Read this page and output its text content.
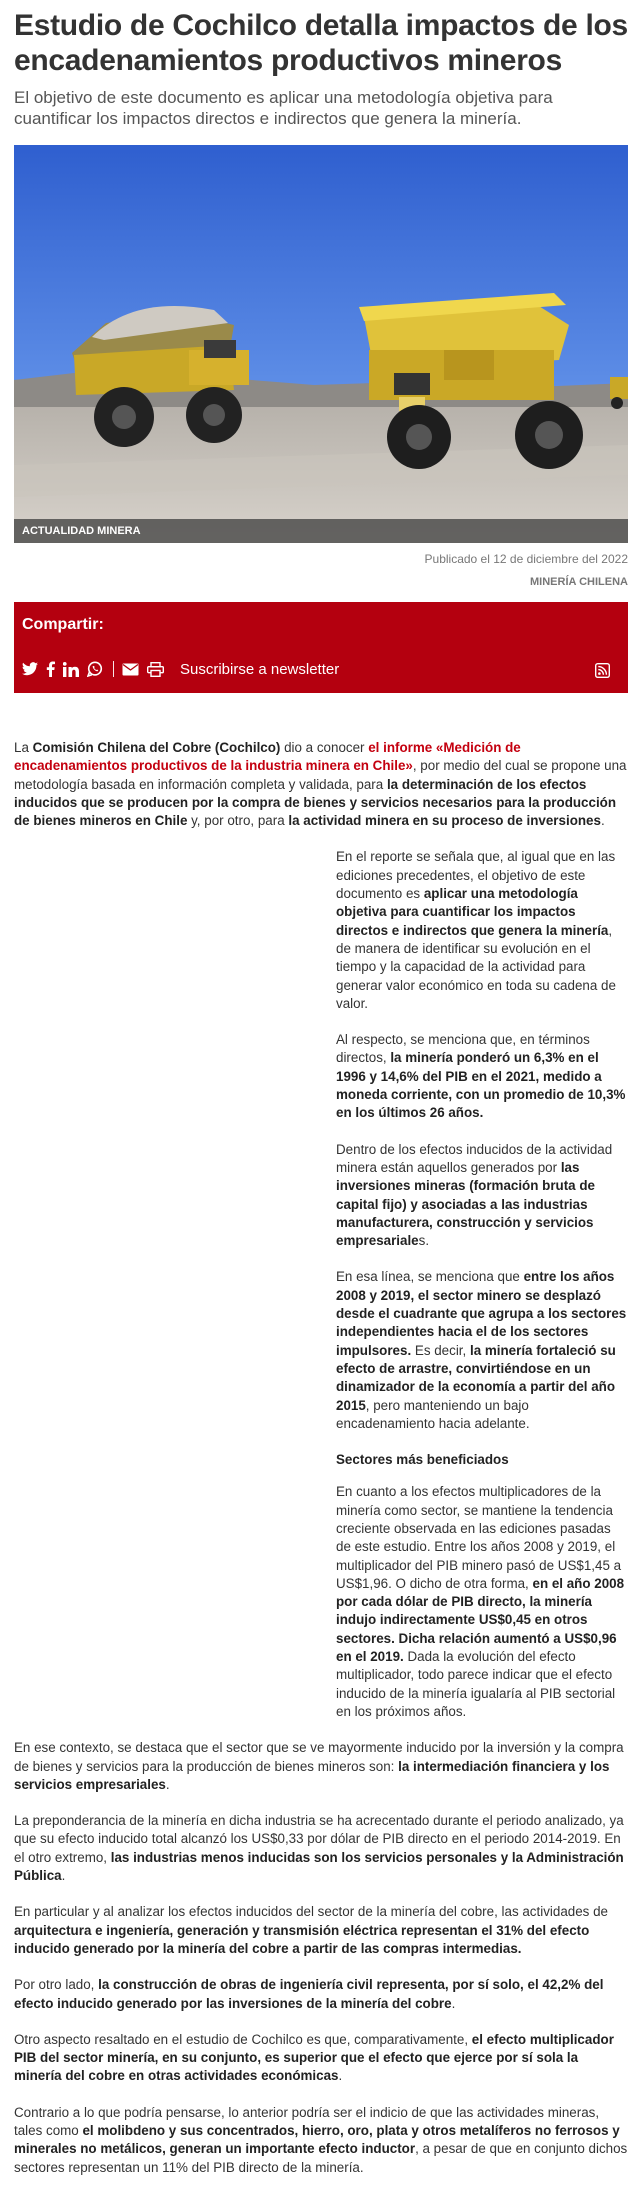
Estudio de Cochilco detalla impactos de los encadenamientos productivos mineros

El objetivo de este documento es aplicar una metodología objetiva para cuantificar los impactos directos e indirectos que genera la minería.

ACTUALIDAD MINERA

Publicado el 12 de diciembre del 2022

MINERÍA CHILENA

Compartir:
Suscribirse a newsletter

La Comisión Chilena del Cobre (Cochilco) dio a conocer el informe «Medición de encadenamientos productivos de la industria minera en Chile», por medio del cual se propone una metodología basada en información completa y validada, para la determinación de los efectos inducidos que se producen por la compra de bienes y servicios necesarios para la producción de bienes mineros en Chile y, por otro, para la actividad minera en su proceso de inversiones.

En el reporte se señala que, al igual que en las ediciones precedentes, el objetivo de este documento es aplicar una metodología objetiva para cuantificar los impactos directos e indirectos que genera la minería, de manera de identificar su evolución en el tiempo y la capacidad de la actividad para generar valor económico en toda su cadena de valor.

Al respecto, se menciona que, en términos directos, la minería ponderó un 6,3% en el 1996 y 14,6% del PIB en el 2021, medido a moneda corriente, con un promedio de 10,3% en los últimos 26 años.

Dentro de los efectos inducidos de la actividad minera están aquellos generados por las inversiones mineras (formación bruta de capital fijo) y asociadas a las industrias manufacturera, construcción y servicios empresariales.

En esa línea, se menciona que entre los años 2008 y 2019, el sector minero se desplazó desde el cuadrante que agrupa a los sectores independientes hacia el de los sectores impulsores. Es decir, la minería fortaleció su efecto de arrastre, convirtiéndose en un dinamizador de la economía a partir del año 2015, pero manteniendo un bajo encadenamiento hacia adelante.

Sectores más beneficiados

En cuanto a los efectos multiplicadores de la minería como sector, se mantiene la tendencia creciente observada en las ediciones pasadas de este estudio. Entre los años 2008 y 2019, el multiplicador del PIB minero pasó de US$1,45 a US$1,96. O dicho de otra forma, en el año 2008 por cada dólar de PIB directo, la minería indujo indirectamente US$0,45 en otros sectores. Dicha relación aumentó a US$0,96 en el 2019. Dada la evolución del efecto multiplicador, todo parece indicar que el efecto inducido de la minería igualaría al PIB sectorial en los próximos años.

En ese contexto, se destaca que el sector que se ve mayormente inducido por la inversión y la compra de bienes y servicios para la producción de bienes mineros son: la intermediación financiera y los servicios empresariales.

La preponderancia de la minería en dicha industria se ha acrecentado durante el periodo analizado, ya que su efecto inducido total alcanzó los US$0,33 por dólar de PIB directo en el periodo 2014-2019. En el otro extremo, las industrias menos inducidas son los servicios personales y la Administración Pública.

En particular y al analizar los efectos inducidos del sector de la minería del cobre, las actividades de arquitectura e ingeniería, generación y transmisión eléctrica representan el 31% del efecto inducido generado por la minería del cobre a partir de las compras intermedias.

Por otro lado, la construcción de obras de ingeniería civil representa, por sí solo, el 42,2% del efecto inducido generado por las inversiones de la minería del cobre.

Otro aspecto resaltado en el estudio de Cochilco es que, comparativamente, el efecto multiplicador PIB del sector minería, en su conjunto, es superior que el efecto que ejerce por sí sola la minería del cobre en otras actividades económicas.

Contrario a lo que podría pensarse, lo anterior podría ser el indicio de que las actividades mineras, tales como el molibdeno y sus concentrados, hierro, oro, plata y otros metalíferos no ferrosos y minerales no metálicos, generan un importante efecto inductor, a pesar de que en conjunto dichos sectores representan un 11% del PIB directo de la minería.
